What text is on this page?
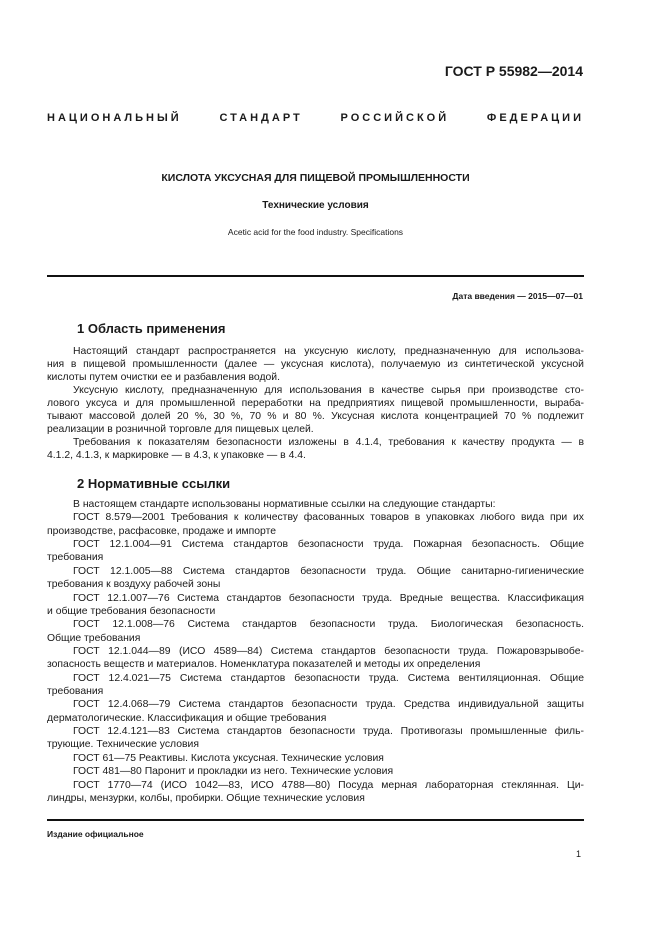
ГОСТ Р 55982—2014
НАЦИОНАЛЬНЫЙ СТАНДАРТ РОССИЙСКОЙ ФЕДЕРАЦИИ
КИСЛОТА УКСУСНАЯ ДЛЯ ПИЩЕВОЙ ПРОМЫШЛЕННОСТИ
Технические условия
Acetic acid for the food industry. Specifications
Дата введения — 2015—07—01
1 Область применения
Настоящий стандарт распространяется на уксусную кислоту, предназначенную для использова-
ния в пищевой промышленности (далее — уксусная кислота), получаемую из синтетической уксусной
кислоты путем очистки ее и разбавления водой.
Уксусную кислоту, предназначенную для использования в качестве сырья при производстве сто-
лового уксуса и для промышленной переработки на предприятиях пищевой промышленности, выраба-
тывают массовой долей 20 %, 30 %, 70 % и 80 %. Уксусная кислота концентрацией 70 % подлежит
реализации в розничной торговле для пищевых целей.
Требования к показателям безопасности изложены в 4.1.4, требования к качеству продукта — в
4.1.2, 4.1.3, к маркировке — в 4.3, к упаковке — в 4.4.
2 Нормативные ссылки
В настоящем стандарте использованы нормативные ссылки на следующие стандарты:
ГОСТ 8.579—2001 Требования к количеству фасованных товаров в упаковках любого вида при их
производстве, расфасовке, продаже и импорте
ГОСТ 12.1.004—91 Система стандартов безопасности труда. Пожарная безопасность. Общие
требования
ГОСТ 12.1.005—88 Система стандартов безопасности труда. Общие санитарно-гигиенические
требования к воздуху рабочей зоны
ГОСТ 12.1.007—76 Система стандартов безопасности труда. Вредные вещества. Классификация
и общие требования безопасности
ГОСТ 12.1.008—76 Система стандартов безопасности труда. Биологическая безопасность.
Общие требования
ГОСТ 12.1.044—89 (ИСО 4589—84) Система стандартов безопасности труда. Пожаровзрывобе-
зопасность веществ и материалов. Номенклатура показателей и методы их определения
ГОСТ 12.4.021—75 Система стандартов безопасности труда. Система вентиляционная. Общие
требования
ГОСТ 12.4.068—79 Система стандартов безопасности труда. Средства индивидуальной защиты
дерматологические. Классификация и общие требования
ГОСТ 12.4.121—83 Система стандартов безопасности труда. Противогазы промышленные филь-
трующие. Технические условия
ГОСТ 61—75 Реактивы. Кислота уксусная. Технические условия
ГОСТ 481—80 Паронит и прокладки из него. Технические условия
ГОСТ 1770—74 (ИСО 1042—83, ИСО 4788—80) Посуда мерная лабораторная стеклянная. Ци-
линдры, мензурки, колбы, пробирки. Общие технические условия
Издание официальное
1
